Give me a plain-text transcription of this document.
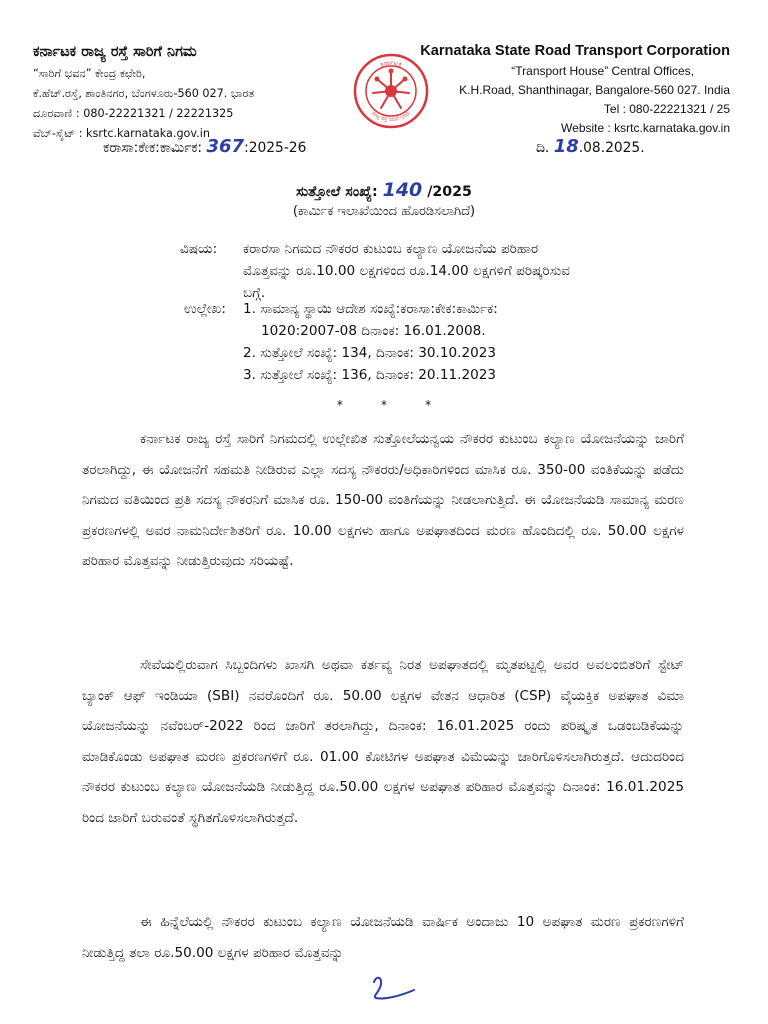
ಕರ್ನಾಟಕ ರಾಜ್ಯ ರಸ್ತೆ ಸಾರಿಗೆ ನಿಗಮ
“ಸಾರಿಗೆ ಭವನ” ಕೇಂದ್ರ ಕಛೇರಿ,
ಕೆ.ಹೆಚ್.ರಸ್ತೆ, ಶಾಂತಿನಗರ, ಬೆಂಗಳೂರು-560 027. ಭಾರತ
ದೂರವಾಣಿ : 080-22221321 / 22221325
ವೆಬ್-ಸೈಟ್ : ksrtc.karnataka.gov.in
ಕರ್ನಾಟಕ
ರಾಜ್ಯ ರಸ್ತೆ ಸಾರಿಗೆ ನಿಗಮ
Karnataka State Road Transport Corporation
“Transport House” Central Offices,
K.H.Road, Shanthinagar, Bangalore-560 027. India
Tel : 080-22221321 / 25
Website : ksrtc.karnataka.gov.in
ಕರಾಸಾ:ಕೇಕ:ಕಾರ್ಮಿಕ: 367:2025-26	ದಿ. 18.08.2025.
ಸುತ್ತೋಲೆ ಸಂಖ್ಯೆ: 140 /2025
(ಕಾರ್ಮಿಕ ಇಲಾಖೆಯಿಂದ ಹೊರಡಿಸಲಾಗಿದೆ)
ವಿಷಯ: ಕರಾರಸಾ ನಿಗಮದ ನೌಕರರ ಕುಟುಂಬ ಕಲ್ಯಾಣ ಯೋಜನೆಯ ಪರಿಹಾರ
ಮೊತ್ತವನ್ನು ರೂ.10.00 ಲಕ್ಷಗಳಿಂದ ರೂ.14.00 ಲಕ್ಷಗಳಿಗೆ ಪರಿಷ್ಕರಿಸುವ
ಬಗ್ಗೆ.
ಉಲ್ಲೇಖ: 1. ಸಾಮಾನ್ಯ ಸ್ಥಾಯಿ ಆದೇಶ ಸಂಖ್ಯೆ:ಕರಾಸಾ:ಕೇಕ:ಕಾರ್ಮಿಕ:
1020:2007-08 ದಿನಾಂಕ: 16.01.2008.
2. ಸುತ್ತೋಲೆ ಸಂಖ್ಯೆ: 134, ದಿನಾಂಕ: 30.10.2023
3. ಸುತ್ತೋಲೆ ಸಂಖ್ಯೆ: 136, ದಿನಾಂಕ: 20.11.2023
*          *          *
ಕರ್ನಾಟಕ ರಾಜ್ಯ ರಸ್ತೆ ಸಾರಿಗೆ ನಿಗಮದಲ್ಲಿ ಉಲ್ಲೇಖಿತ ಸುತ್ತೋಲೆಯನ್ವಯ ನೌಕರರ ಕುಟುಂಬ ಕಲ್ಯಾಣ ಯೋಜನೆಯನ್ನು ಜಾರಿಗೆ ತರಲಾಗಿದ್ದು, ಈ ಯೋಜನೆಗೆ ಸಹಮತಿ ನೀಡಿರುವ ಎಲ್ಲಾ ಸದಸ್ಯ ನೌಕರರು/ಅಧಿಕಾರಿಗಳಿಂದ ಮಾಸಿಕ ರೂ. 350-00 ವಂತಿಕೆಯನ್ನು ಪಡೆದು ನಿಗಮದ ವತಿಯಿಂದ ಪ್ರತಿ ಸದಸ್ಯ ನೌಕರನಿಗೆ ಮಾಸಿಕ ರೂ. 150-00 ವಂತಿಗೆಯನ್ನು ನೀಡಲಾಗುತ್ತಿದೆ. ಈ ಯೋಜನೆಯಡಿ ಸಾಮಾನ್ಯ ಮರಣ ಪ್ರಕರಣಗಳಲ್ಲಿ ಅವರ ನಾಮನಿರ್ದೇಶಿತರಿಗೆ ರೂ. 10.00 ಲಕ್ಷಗಳು ಹಾಗೂ ಅಪಘಾತದಿಂದ ಮರಣ ಹೊಂದಿದಲ್ಲಿ ರೂ. 50.00 ಲಕ್ಷಗಳ ಪರಿಹಾರ ಮೊತ್ತವನ್ನು ನೀಡುತ್ತಿರುವುದು ಸರಿಯಷ್ಟೆ.
ಸೇವೆಯಲ್ಲಿರುವಾಗ ಸಿಬ್ಬಂದಿಗಳು ಖಾಸಗಿ ಅಥವಾ ಕರ್ತವ್ಯ ನಿರತ ಅಪಘಾತದಲ್ಲಿ ಮೃತಪಟ್ಟಲ್ಲಿ ಅವರ ಅವಲಂಬಿತರಿಗೆ ಸ್ಟೇಟ್ ಬ್ಯಾಂಕ್ ಆಫ್ ಇಂಡಿಯಾ (SBI) ನವರೊಂದಿಗೆ ರೂ. 50.00 ಲಕ್ಷಗಳ ವೇತನ ಆಧಾರಿತ (CSP) ವೈಯಕ್ತಿಕ ಅಪಘಾತ ವಿಮಾ ಯೋಜನೆಯನ್ನು ನವೆಂಬರ್-2022 ರಿಂದ ಜಾರಿಗೆ ತರಲಾಗಿದ್ದು, ದಿನಾಂಕ: 16.01.2025 ರಂದು ಪರಿಷ್ಕೃತ ಒಡಂಬಡಿಕೆಯನ್ನು ಮಾಡಿಕೊಂಡು ಅಪಘಾತ ಮರಣ ಪ್ರಕರಣಗಳಿಗೆ ರೂ. 01.00 ಕೋಟಿಗಳ ಅಪಘಾತ ವಿಮೆಯನ್ನು ಜಾರಿಗೊಳಿಸಲಾಗಿರುತ್ತದೆ. ಆದುದರಿಂದ ನೌಕರರ ಕುಟುಂಬ ಕಲ್ಯಾಣ ಯೋಜನೆಯಡಿ ನೀಡುತ್ತಿದ್ದ ರೂ.50.00 ಲಕ್ಷಗಳ ಅಪಘಾತ ಪರಿಹಾರ ಮೊತ್ತವನ್ನು ದಿನಾಂಕ: 16.01.2025 ರಿಂದ ಜಾರಿಗೆ ಬರುವಂತೆ ಸ್ಥಗಿತಗೊಳಿಸಲಾಗಿರುತ್ತದೆ.
ಈ ಹಿನ್ನೆಲೆಯಲ್ಲಿ ನೌಕರರ ಕುಟುಂಬ ಕಲ್ಯಾಣ ಯೋಜನೆಯಡಿ ವಾರ್ಷಿಕ ಅಂದಾಜು 10 ಅಪಘಾತ ಮರಣ ಪ್ರಕರಣಗಳಿಗೆ ನೀಡುತ್ತಿದ್ದ ತಲಾ ರೂ.50.00 ಲಕ್ಷಗಳ ಪರಿಹಾರ ಮೊತ್ತವನ್ನು
